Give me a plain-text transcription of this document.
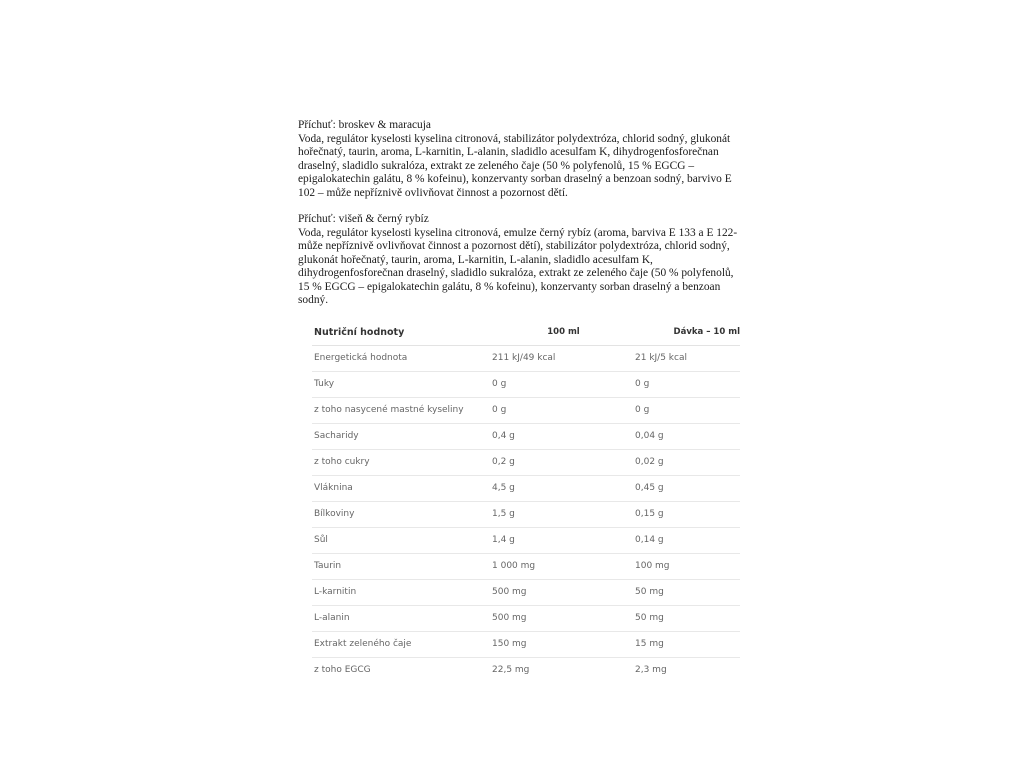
Příchuť: broskev & maracuja
Voda, regulátor kyselosti kyselina citronová, stabilizátor polydextróza, chlorid sodný, glukonát hořečnatý, taurin, aroma, L-karnitin, L-alanin, sladidlo acesulfam K, dihydrogenfosforečnan draselný, sladidlo sukralóza, extrakt ze zeleného čaje (50 % polyfenolů, 15 % EGCG – epigalokatechin galátu, 8 % kofeinu), konzervanty sorban draselný a benzoan sodný, barvivo E 102 – může nepříznivě ovlivňovat činnost a pozornost dětí.
Příchuť: višeň & černý rybíz
Voda, regulátor kyselosti kyselina citronová, emulze černý rybíz (aroma, barviva E 133 a E 122- může nepříznivě ovlivňovat činnost a pozornost dětí), stabilizátor polydextróza, chlorid sodný, glukonát hořečnatý, taurin, aroma, L-karnitin, L-alanin, sladidlo acesulfam K, dihydrogenfosforečnan draselný, sladidlo sukralóza, extrakt ze zeleného čaje (50 % polyfenolů, 15 % EGCG – epigalokatechin galátu, 8 % kofeinu), konzervanty sorban draselný a benzoan sodný.
Nutriční hodnoty	100 ml	Dávka – 10 ml
Energetická hodnota	211 kJ/49 kcal	21 kJ/5 kcal
Tuky	0 g	0 g
z toho nasycené mastné kyseliny	0 g	0 g
Sacharidy	0,4 g	0,04 g
z toho cukry	0,2 g	0,02 g
Vláknina	4,5 g	0,45 g
Bílkoviny	1,5 g	0,15 g
Sůl	1,4 g	0,14 g
Taurin	1 000 mg	100 mg
L-karnitin	500 mg	50 mg
L-alanin	500 mg	50 mg
Extrakt zeleného čaje	150 mg	15 mg
z toho EGCG	22,5 mg	2,3 mg
